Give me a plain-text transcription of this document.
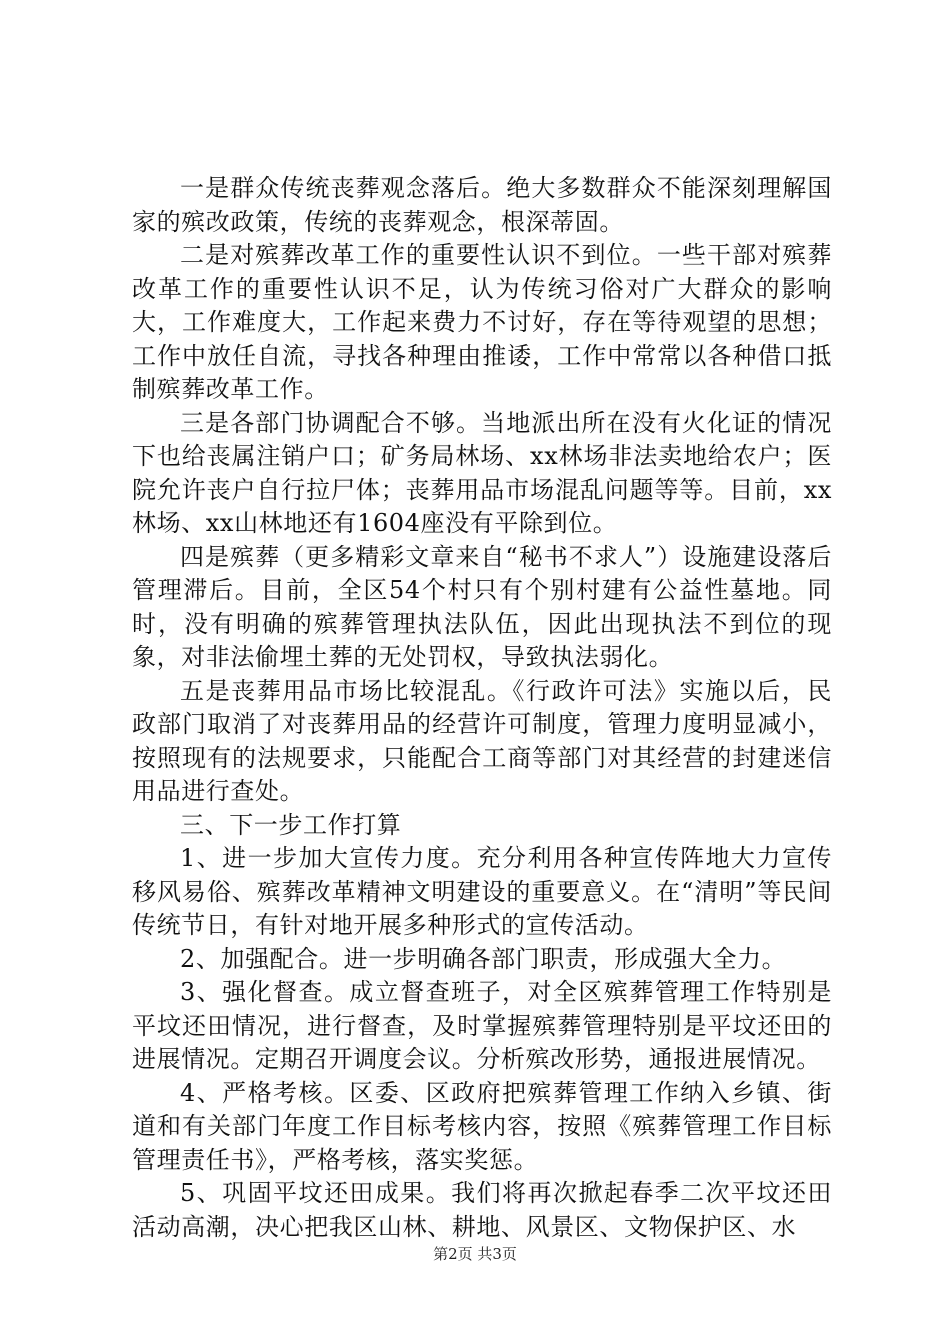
一是群众传统丧葬观念落后。绝大多数群众不能深刻理解国家的殡改政策，传统的丧葬观念，根深蒂固。

二是对殡葬改革工作的重要性认识不到位。一些干部对殡葬改革工作的重要性认识不足，认为传统习俗对广大群众的影响大，工作难度大，工作起来费力不讨好，存在等待观望的思想；工作中放任自流，寻找各种理由推诿，工作中常常以各种借口抵制殡葬改革工作。

三是各部门协调配合不够。当地派出所在没有火化证的情况下也给丧属注销户口；矿务局林场、xx林场非法卖地给农户；医院允许丧户自行拉尸体；丧葬用品市场混乱问题等等。目前，xx林场、xx山林地还有1604座没有平除到位。

四是殡葬（更多精彩文章来自“秘书不求人”）设施建设落后管理滞后。目前，全区54个村只有个别村建有公益性墓地。同时，没有明确的殡葬管理执法队伍，因此出现执法不到位的现象，对非法偷埋土葬的无处罚权，导致执法弱化。

五是丧葬用品市场比较混乱。《行政许可法》实施以后，民政部门取消了对丧葬用品的经营许可制度，管理力度明显减小，按照现有的法规要求，只能配合工商等部门对其经营的封建迷信用品进行查处。

三、下一步工作打算

1、进一步加大宣传力度。充分利用各种宣传阵地大力宣传移风易俗、殡葬改革精神文明建设的重要意义。在“清明”等民间传统节日，有针对地开展多种形式的宣传活动。

2、加强配合。进一步明确各部门职责，形成强大全力。

3、强化督查。成立督查班子，对全区殡葬管理工作特别是平坟还田情况，进行督查，及时掌握殡葬管理特别是平坟还田的进展情况。定期召开调度会议。分析殡改形势，通报进展情况。

4、严格考核。区委、区政府把殡葬管理工作纳入乡镇、街道和有关部门年度工作目标考核内容，按照《殡葬管理工作目标管理责任书》，严格考核，落实奖惩。

5、巩固平坟还田成果。我们将再次掀起春季二次平坟还田活动高潮，决心把我区山林、耕地、风景区、文物保护区、水

第2页 共3页
